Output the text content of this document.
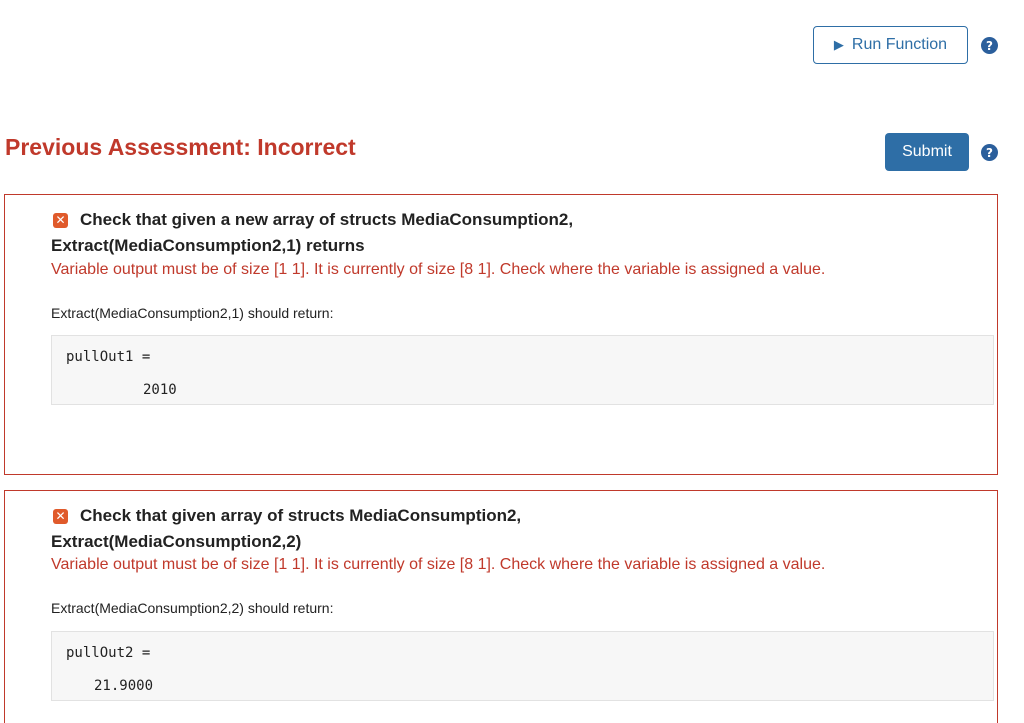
▶ Run Function	?
Previous Assessment: Incorrect	Submit	?
✕ Check that given a new array of structs MediaConsumption2,
Extract(MediaConsumption2,1) returns
Variable output must be of size [1 1]. It is currently of size [8 1]. Check where the variable is assigned a value.
Extract(MediaConsumption2,1) should return:
pullOut1 =
2010
✕ Check that given array of structs MediaConsumption2,
Extract(MediaConsumption2,2)
Variable output must be of size [1 1]. It is currently of size [8 1]. Check where the variable is assigned a value.
Extract(MediaConsumption2,2) should return:
pullOut2 =
21.9000
